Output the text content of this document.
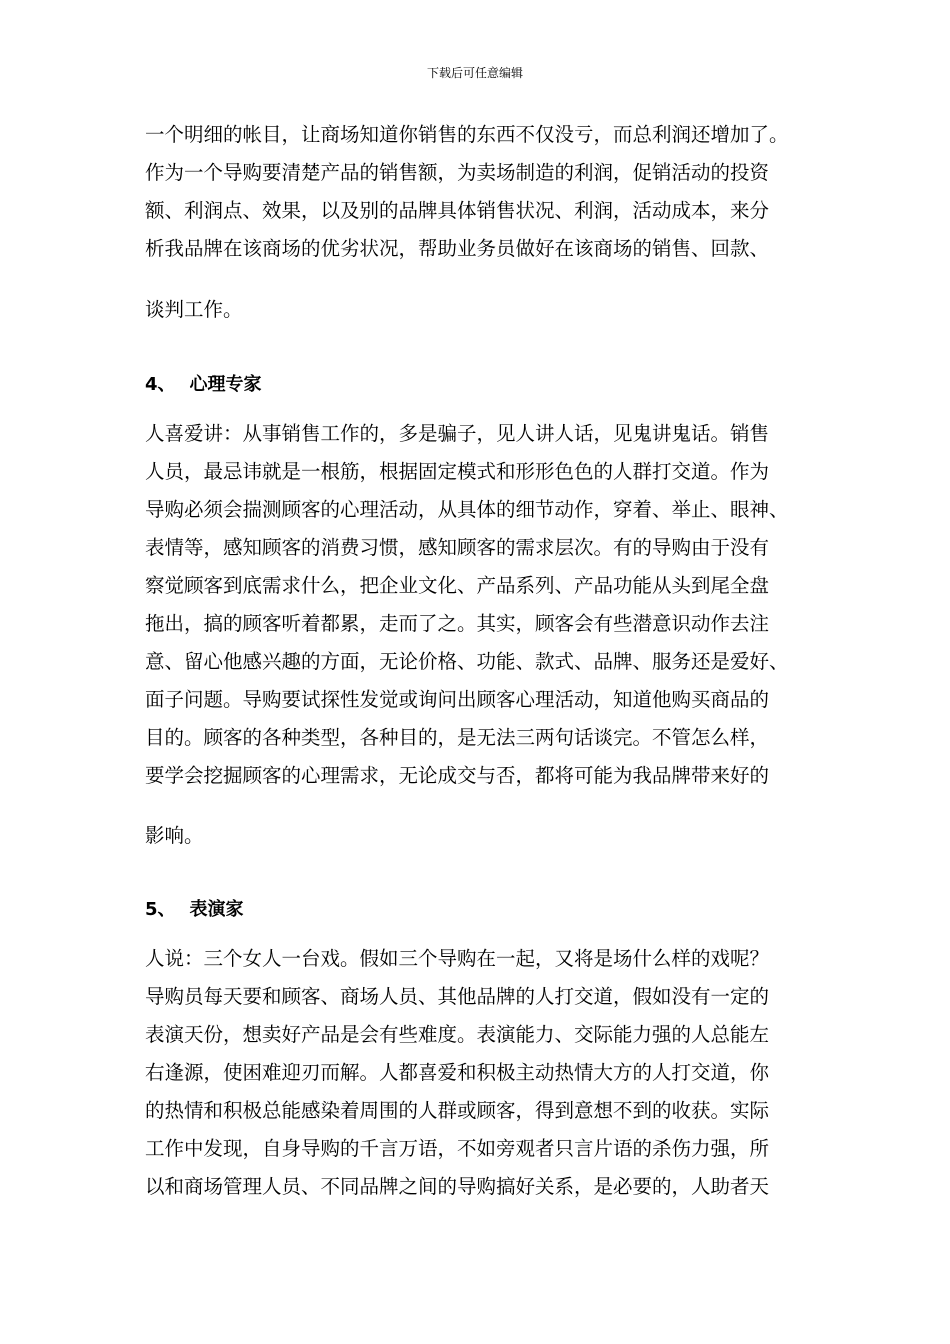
下载后可任意编辑
一个明细的帐目，让商场知道你销售的东西不仅没亏，而总利润还增加了。
作为一个导购要清楚产品的销售额，为卖场制造的利润，促销活动的投资
额、利润点、效果，以及别的品牌具体销售状况、利润，活动成本，来分
析我品牌在该商场的优劣状况，帮助业务员做好在该商场的销售、回款、
谈判工作。
4、 心理专家
人喜爱讲：从事销售工作的，多是骗子，见人讲人话，见鬼讲鬼话。销售
人员，最忌讳就是一根筋，根据固定模式和形形色色的人群打交道。作为
导购必须会揣测顾客的心理活动，从具体的细节动作，穿着、举止、眼神、
表情等，感知顾客的消费习惯，感知顾客的需求层次。有的导购由于没有
察觉顾客到底需求什么，把企业文化、产品系列、产品功能从头到尾全盘
拖出，搞的顾客听着都累，走而了之。其实，顾客会有些潜意识动作去注
意、留心他感兴趣的方面，无论价格、功能、款式、品牌、服务还是爱好、
面子问题。导购要试探性发觉或询问出顾客心理活动，知道他购买商品的
目的。顾客的各种类型，各种目的，是无法三两句话谈完。不管怎么样，
要学会挖掘顾客的心理需求，无论成交与否，都将可能为我品牌带来好的
影响。
5、 表演家
人说：三个女人一台戏。假如三个导购在一起，又将是场什么样的戏呢？
导购员每天要和顾客、商场人员、其他品牌的人打交道，假如没有一定的
表演天份，想卖好产品是会有些难度。表演能力、交际能力强的人总能左
右逢源，使困难迎刃而解。人都喜爱和积极主动热情大方的人打交道，你
的热情和积极总能感染着周围的人群或顾客，得到意想不到的收获。实际
工作中发现，自身导购的千言万语，不如旁观者只言片语的杀伤力强，所
以和商场管理人员、不同品牌之间的导购搞好关系，是必要的，人助者天
